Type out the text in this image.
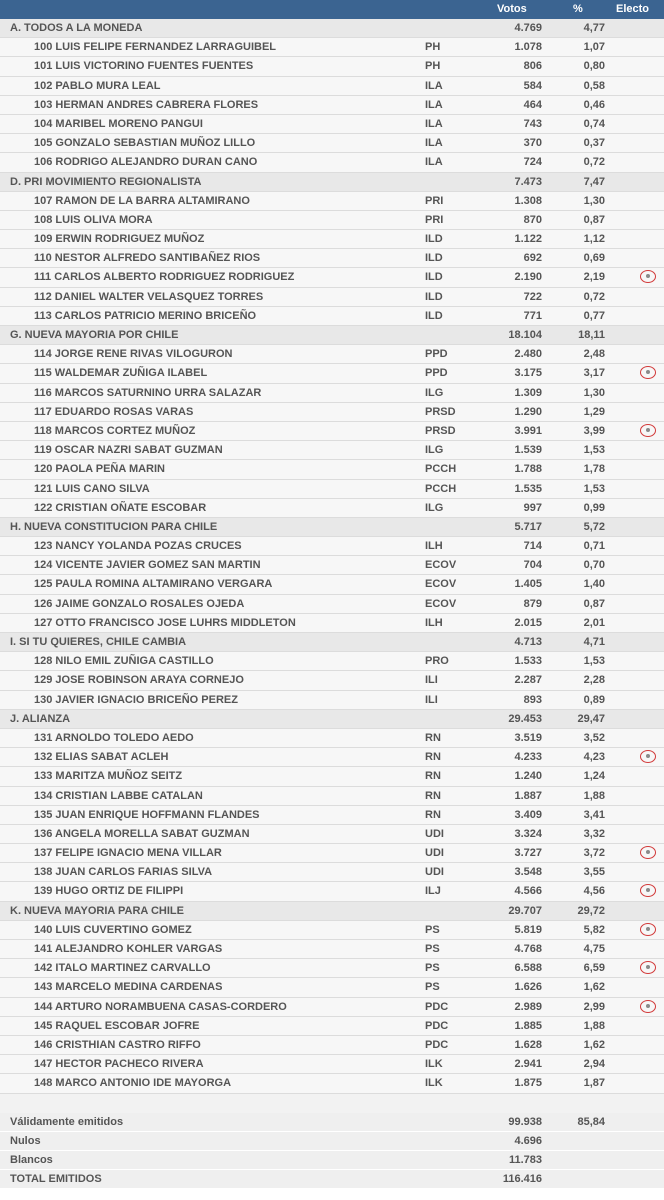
Votos	%	Electo
A. TODOS A LA MONEDA	4.769	4,77
100 LUIS FELIPE FERNANDEZ LARRAGUIBEL	PH	1.078	1,07
101 LUIS VICTORINO FUENTES FUENTES	PH	806	0,80
102 PABLO MURA LEAL	ILA	584	0,58
103 HERMAN ANDRES CABRERA FLORES	ILA	464	0,46
104 MARIBEL MORENO PANGUI	ILA	743	0,74
105 GONZALO SEBASTIAN MUÑOZ LILLO	ILA	370	0,37
106 RODRIGO ALEJANDRO DURAN CANO	ILA	724	0,72
D. PRI MOVIMIENTO REGIONALISTA	7.473	7,47
107 RAMON DE LA BARRA ALTAMIRANO	PRI	1.308	1,30
108 LUIS OLIVA MORA	PRI	870	0,87
109 ERWIN RODRIGUEZ MUÑOZ	ILD	1.122	1,12
110 NESTOR ALFREDO SANTIBAÑEZ RIOS	ILD	692	0,69
111 CARLOS ALBERTO RODRIGUEZ RODRIGUEZ	ILD	2.190	2,19
112 DANIEL WALTER VELASQUEZ TORRES	ILD	722	0,72
113 CARLOS PATRICIO MERINO BRICEÑO	ILD	771	0,77
G. NUEVA MAYORIA POR CHILE	18.104	18,11
114 JORGE RENE RIVAS VILOGURON	PPD	2.480	2,48
115 WALDEMAR ZUÑIGA ILABEL	PPD	3.175	3,17
116 MARCOS SATURNINO URRA SALAZAR	ILG	1.309	1,30
117 EDUARDO ROSAS VARAS	PRSD	1.290	1,29
118 MARCOS CORTEZ MUÑOZ	PRSD	3.991	3,99
119 OSCAR NAZRI SABAT GUZMAN	ILG	1.539	1,53
120 PAOLA PEÑA MARIN	PCCH	1.788	1,78
121 LUIS CANO SILVA	PCCH	1.535	1,53
122 CRISTIAN OÑATE ESCOBAR	ILG	997	0,99
H. NUEVA CONSTITUCION PARA CHILE	5.717	5,72
123 NANCY YOLANDA POZAS CRUCES	ILH	714	0,71
124 VICENTE JAVIER GOMEZ SAN MARTIN	ECOV	704	0,70
125 PAULA ROMINA ALTAMIRANO VERGARA	ECOV	1.405	1,40
126 JAIME GONZALO ROSALES OJEDA	ECOV	879	0,87
127 OTTO FRANCISCO JOSE LUHRS MIDDLETON	ILH	2.015	2,01
I. SI TU QUIERES, CHILE CAMBIA	4.713	4,71
128 NILO EMIL ZUÑIGA CASTILLO	PRO	1.533	1,53
129 JOSE ROBINSON ARAYA CORNEJO	ILI	2.287	2,28
130 JAVIER IGNACIO BRICEÑO PEREZ	ILI	893	0,89
J. ALIANZA	29.453	29,47
131 ARNOLDO TOLEDO AEDO	RN	3.519	3,52
132 ELIAS SABAT ACLEH	RN	4.233	4,23
133 MARITZA MUÑOZ SEITZ	RN	1.240	1,24
134 CRISTIAN LABBE CATALAN	RN	1.887	1,88
135 JUAN ENRIQUE HOFFMANN FLANDES	RN	3.409	3,41
136 ANGELA MORELLA SABAT GUZMAN	UDI	3.324	3,32
137 FELIPE IGNACIO MENA VILLAR	UDI	3.727	3,72
138 JUAN CARLOS FARIAS SILVA	UDI	3.548	3,55
139 HUGO ORTIZ DE FILIPPI	ILJ	4.566	4,56
K. NUEVA MAYORIA PARA CHILE	29.707	29,72
140 LUIS CUVERTINO GOMEZ	PS	5.819	5,82
141 ALEJANDRO KOHLER VARGAS	PS	4.768	4,75
142 ITALO MARTINEZ CARVALLO	PS	6.588	6,59
143 MARCELO MEDINA CARDENAS	PS	1.626	1,62
144 ARTURO NORAMBUENA CASAS-CORDERO	PDC	2.989	2,99
145 RAQUEL ESCOBAR JOFRE	PDC	1.885	1,88
146 CRISTHIAN CASTRO RIFFO	PDC	1.628	1,62
147 HECTOR PACHECO RIVERA	ILK	2.941	2,94
148 MARCO ANTONIO IDE MAYORGA	ILK	1.875	1,87
Válidamente emitidos	99.938	85,84
Nulos	4.696
Blancos	11.783
TOTAL EMITIDOS	116.416
